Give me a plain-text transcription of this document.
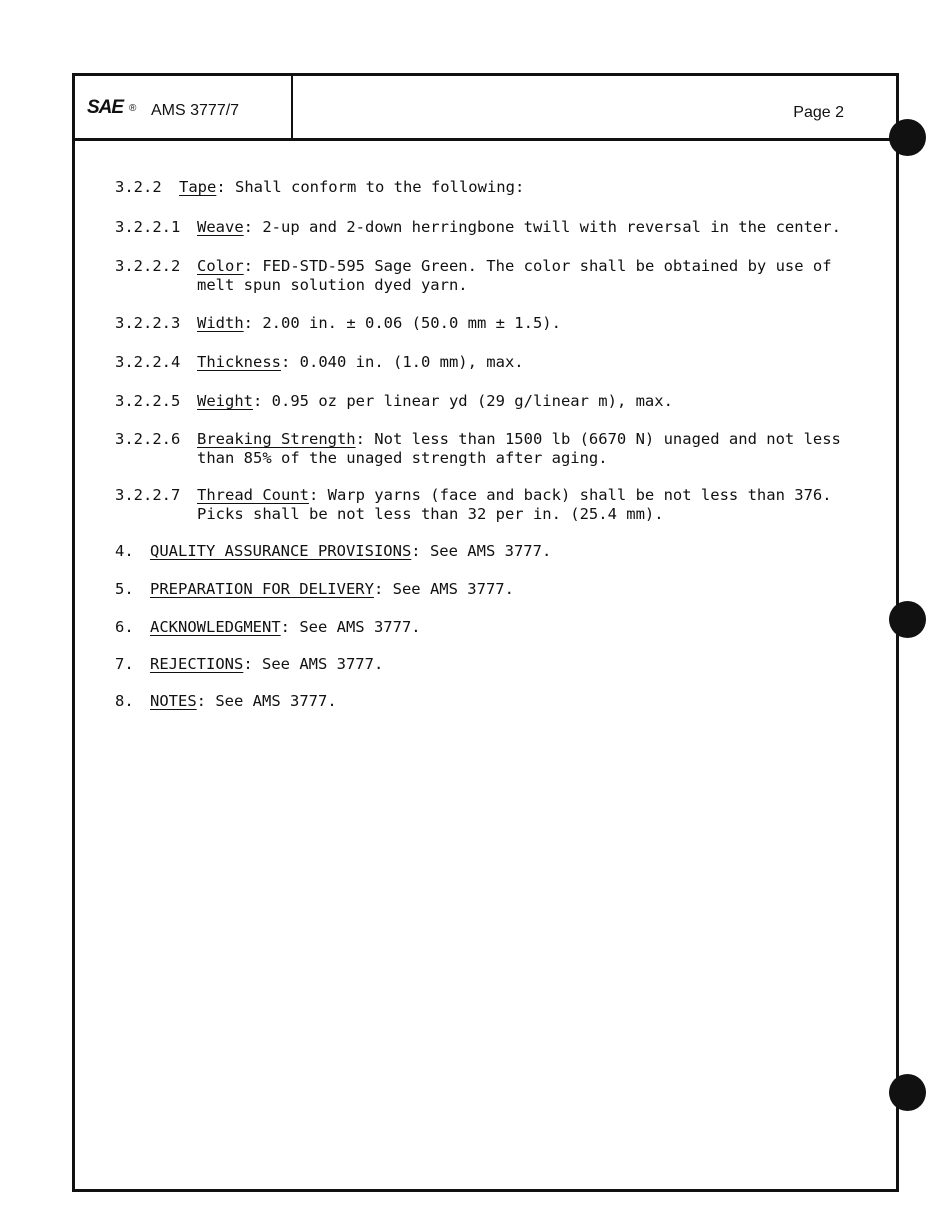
SAE ® AMS 3777/7	Page 2
3.2.2 Tape: Shall conform to the following:
3.2.2.1 Weave: 2-up and 2-down herringbone twill with reversal in the center.
3.2.2.2 Color: FED-STD-595 Sage Green. The color shall be obtained by use of
melt spun solution dyed yarn.
3.2.2.3 Width: 2.00 in. ± 0.06 (50.0 mm ± 1.5).
3.2.2.4 Thickness: 0.040 in. (1.0 mm), max.
3.2.2.5 Weight: 0.95 oz per linear yd (29 g/linear m), max.
3.2.2.6 Breaking Strength: Not less than 1500 lb (6670 N) unaged and not less
than 85% of the unaged strength after aging.
3.2.2.7 Thread Count: Warp yarns (face and back) shall be not less than 376.
Picks shall be not less than 32 per in. (25.4 mm).
4. QUALITY ASSURANCE PROVISIONS: See AMS 3777.
5. PREPARATION FOR DELIVERY: See AMS 3777.
6. ACKNOWLEDGMENT: See AMS 3777.
7. REJECTIONS: See AMS 3777.
8. NOTES: See AMS 3777.
